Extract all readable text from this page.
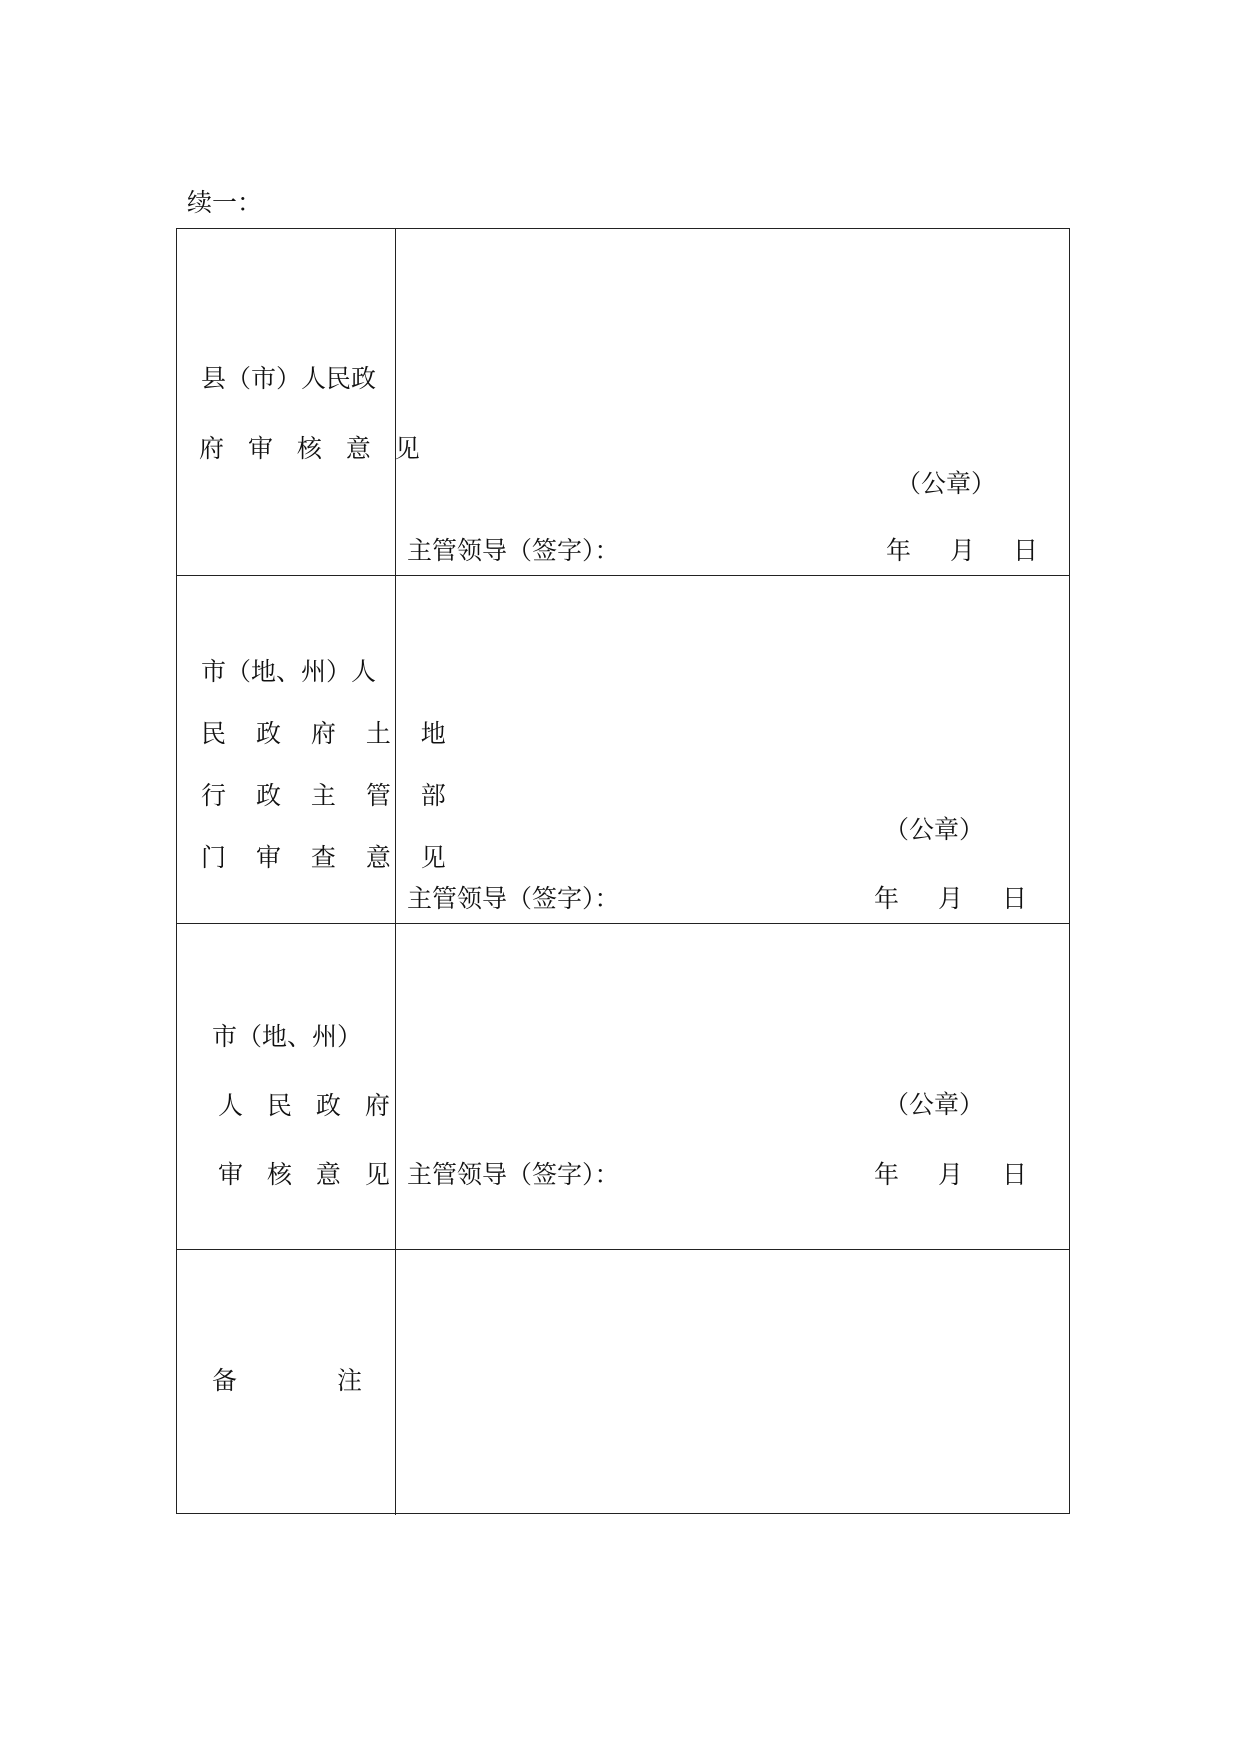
续一：
县（市）人民政
府 审 核 意 见
（公章）
主管领导（签字）：	年 月 日
市（地、州）人
民 政 府 土 地
行 政 主 管 部
门 审 查 意 见
（公章）
主管领导（签字）：	年 月 日
市（地、州）
人 民 政 府
审 核 意 见
（公章）
主管领导（签字）：	年 月 日
备	注
